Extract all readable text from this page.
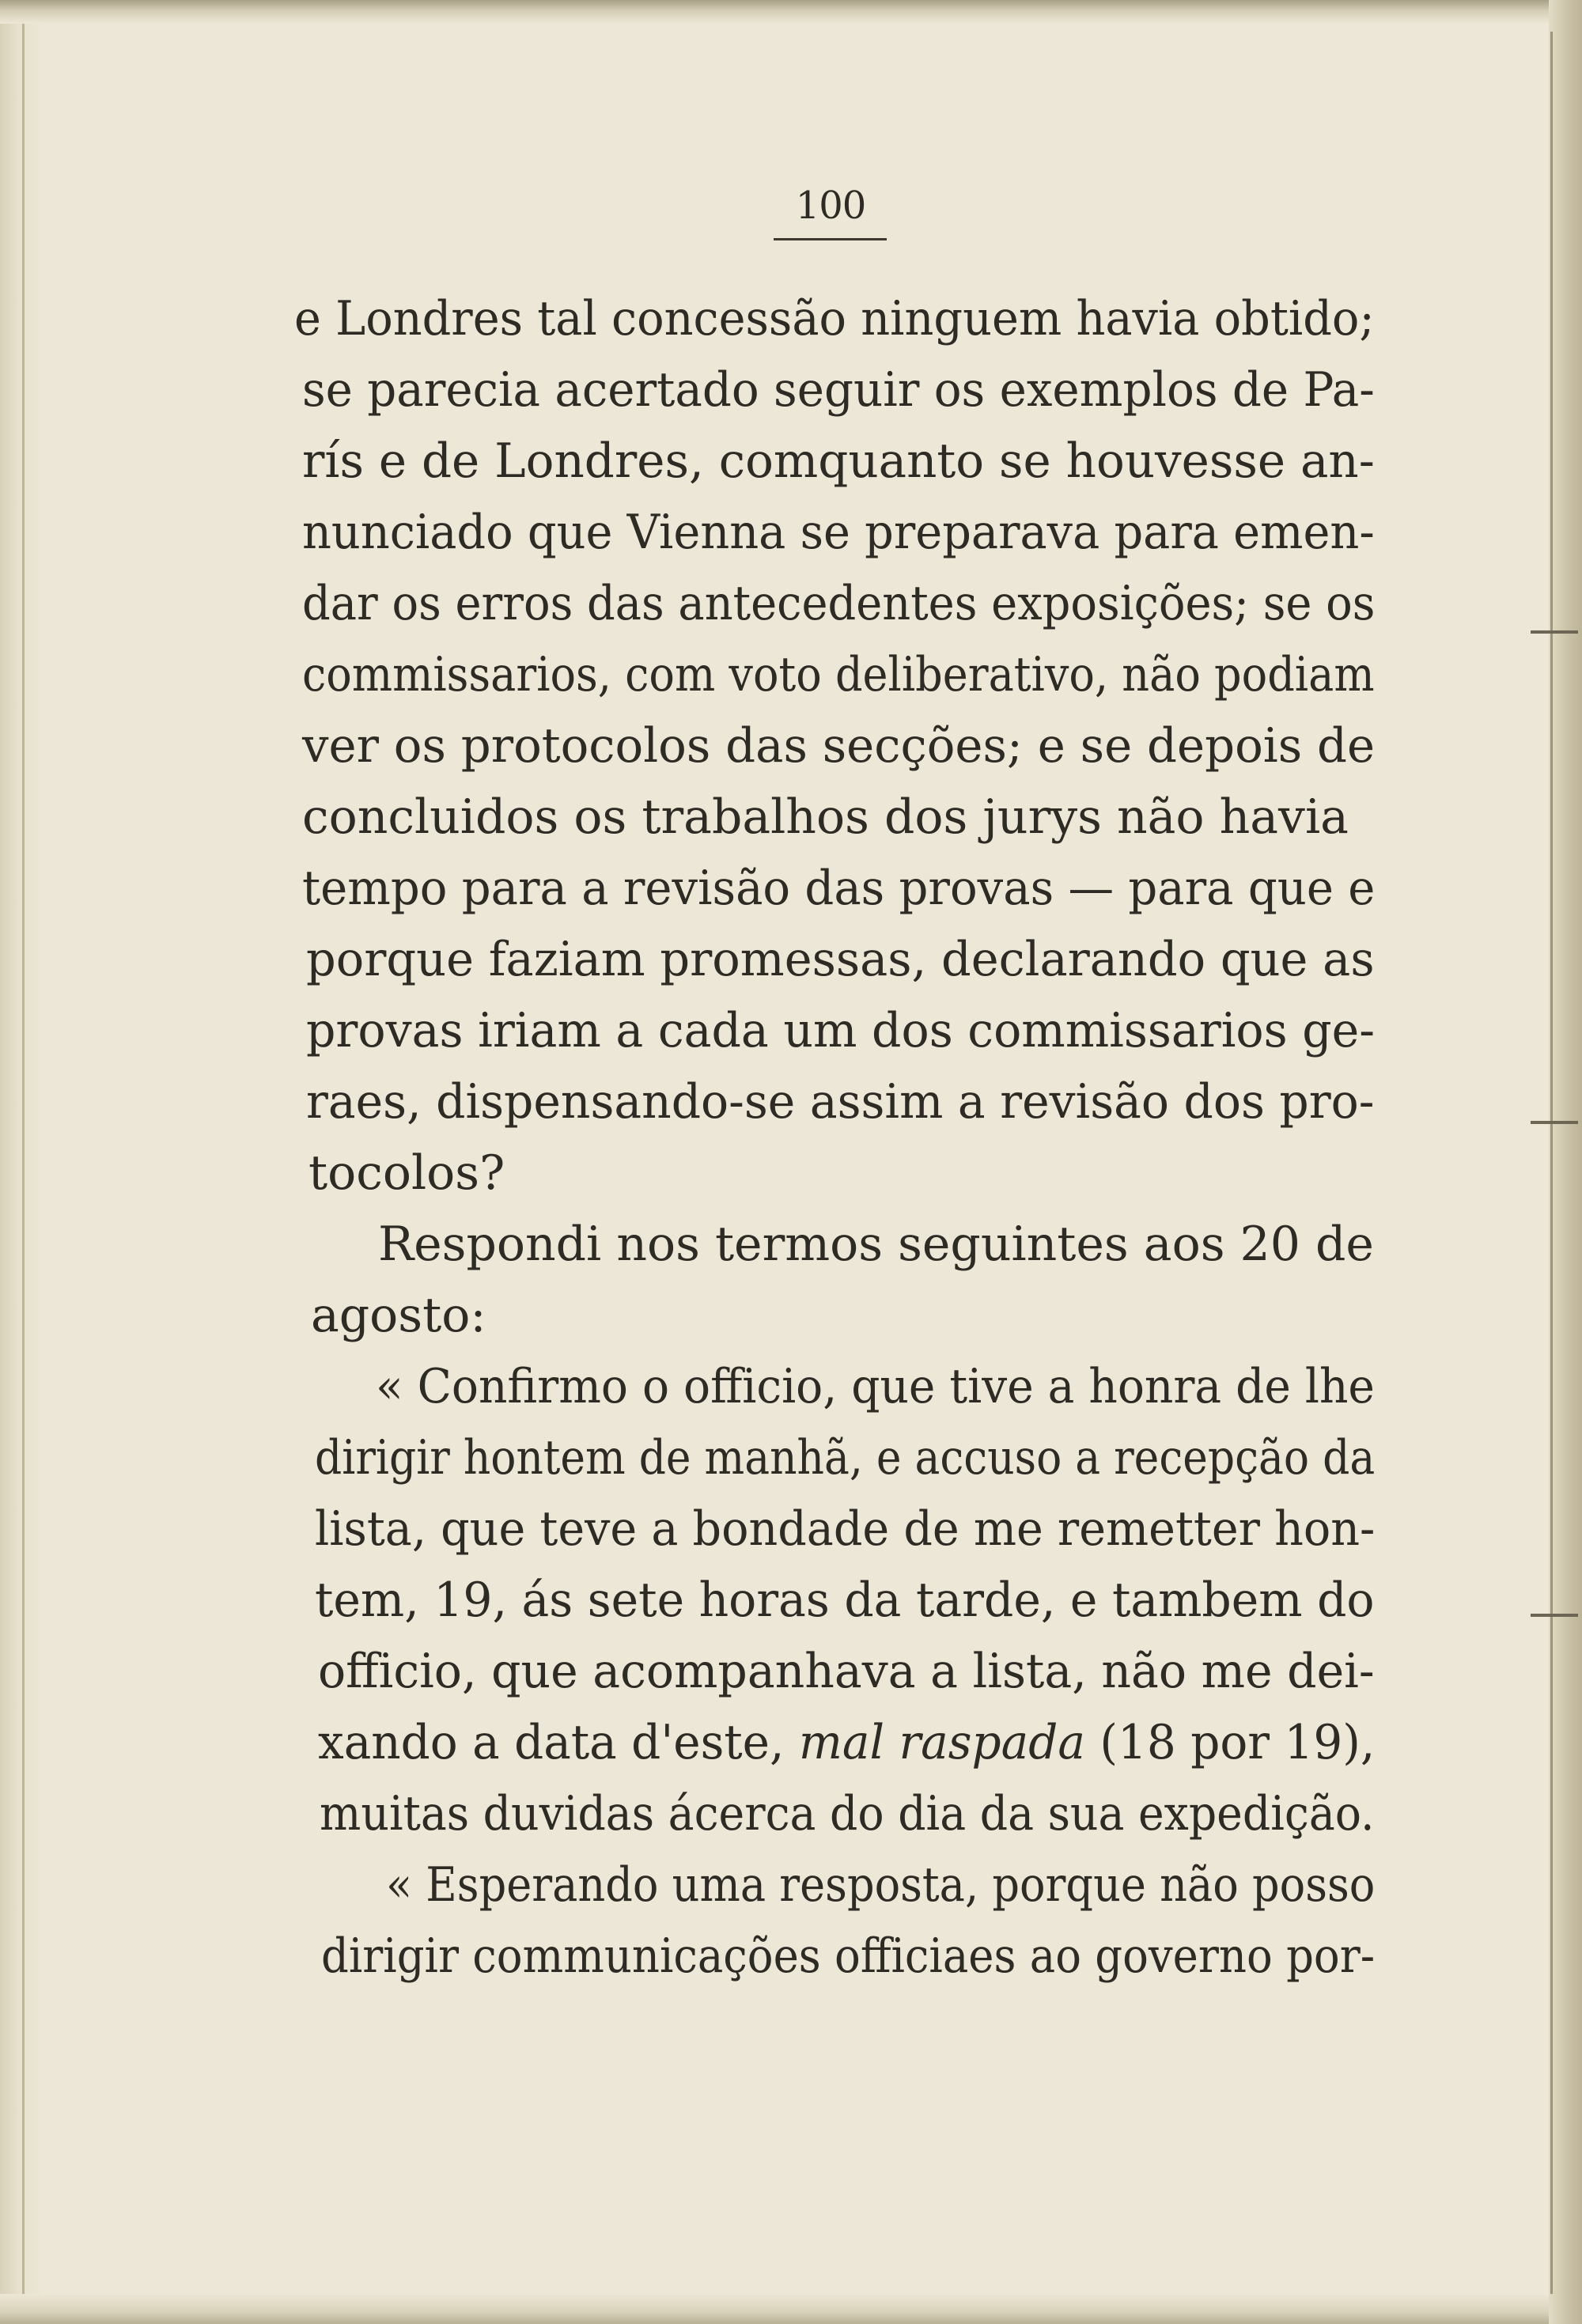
100
e Londres tal concessão ninguem havia obtido;
se parecia acertado seguir os exemplos de Pa-
rís e de Londres, comquanto se houvesse an-
nunciado que Vienna se preparava para emen-
dar os erros das antecedentes exposições; se os
commissarios, com voto deliberativo, não podiam
ver os protocolos das secções; e se depois de
concluidos os trabalhos dos jurys não havia
tempo para a revisão das provas — para que e
porque faziam promessas, declarando que as
provas iriam a cada um dos commissarios ge-
raes, dispensando-se assim a revisão dos pro-
tocolos?
Respondi nos termos seguintes aos 20 de
agosto:
« Confirmo o officio, que tive a honra de lhe
dirigir hontem de manhã, e accuso a recepção da
lista, que teve a bondade de me remetter hon-
tem, 19, ás sete horas da tarde, e tambem do
officio, que acompanhava a lista, não me dei-
xando a data d'este, mal raspada (18 por 19),
muitas duvidas ácerca do dia da sua expedição.
« Esperando uma resposta, porque não posso
dirigir communicações officiaes ao governo por-
